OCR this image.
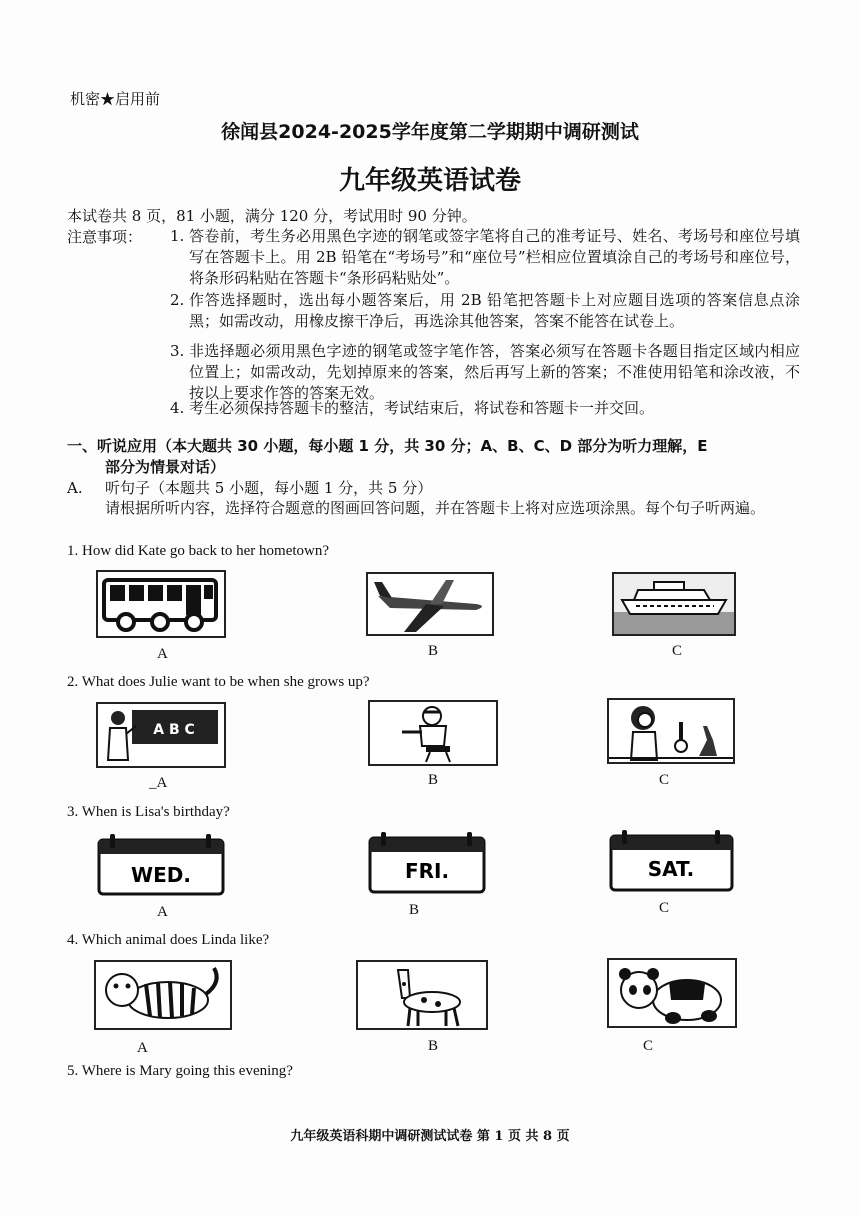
机密★启用前
徐闻县2024-2025学年度第二学期期中调研测试
九年级英语试卷
本试卷共 8 页，81 小题，满分 120 分，考试用时 90 分钟。
注意事项： 1. 答卷前，考生务必用黑色字迹的钢笔或签字笔将自己的准考证号、姓名、考场号和座位号填写在答题卡上。用 2B 铅笔在“考场号”和“座位号”栏相应位置填涂自己的考场号和座位号，将条形码粘贴在答题卡“条形码粘贴处”。
2. 作答选择题时，选出每小题答案后，用 2B 铅笔把答题卡上对应题目选项的答案信息点涂黑；如需改动，用橡皮擦干净后，再选涂其他答案，答案不能答在试卷上。
3. 非选择题必须用黑色字迹的钢笔或签字笔作答，答案必须写在答题卡各题目指定区域内相应位置上；如需改动，先划掉原来的答案，然后再写上新的答案；不准使用铅笔和涂改液，不按以上要求作答的答案无效。
4. 考生必须保持答题卡的整洁，考试结束后，将试卷和答题卡一并交回。
一、听说应用（本大题共 30 小题，每小题 1 分，共 30 分；A、B、C、D 部分为听力理解，E
部分为情景对话）
A.	听句子（本题共 5 小题，每小题 1 分，共 5 分）
请根据所听内容，选择符合题意的图画回答问题，并在答题卡上将对应选项涂黑。每个句子听两遍。
1. How did Kate go back to her hometown?
A	B	C
2. What does Julie want to be when she grows up?
A B C
_A	B	C
3. When is Lisa's birthday?
WED.	FRI.	SAT.
A	B	C
4. Which animal does Linda like?
A	B	C
5. Where is Mary going this evening?
九年级英语科期中调研测试试卷 第 1 页 共 8 页
